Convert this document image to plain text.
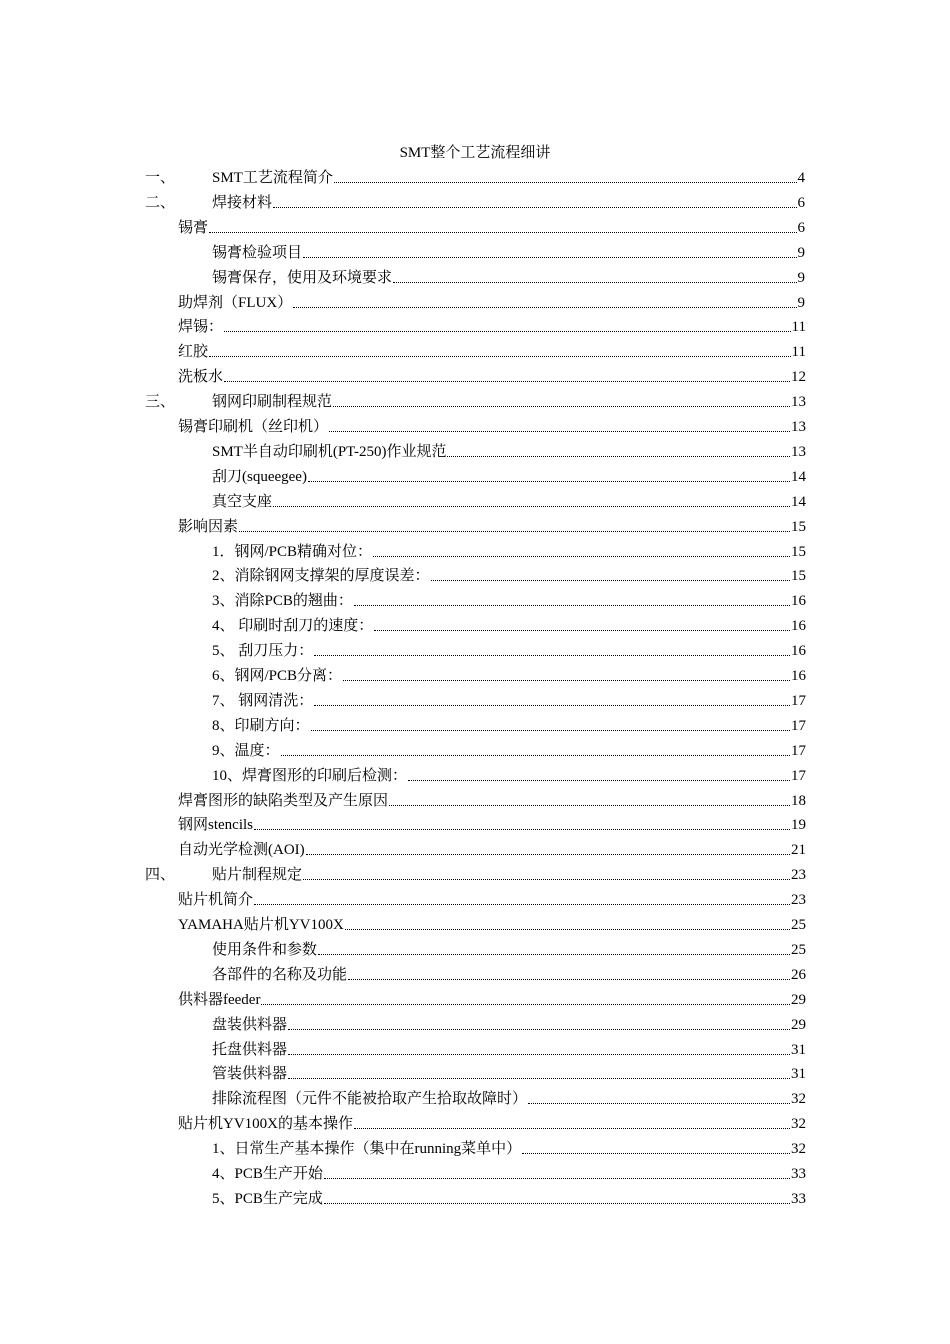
SMT整个工艺流程细讲
一、	SMT工艺流程简介	4
二、	焊接材料	6
锡膏	6
锡膏检验项目	9
锡膏保存，使用及环境要求	9
助焊剂（FLUX）	9
焊锡：	11
红胶	11
洗板水	12
三、	钢网印刷制程规范	13
锡膏印刷机（丝印机）	13
SMT半自动印刷机(PT-250)作业规范	13
刮刀(squeegee)	14
真空支座	14
影响因素	15
1．钢网/PCB精确对位：	15
2、消除钢网支撑架的厚度误差：	15
3、消除PCB的翘曲：	16
4、 印刷时刮刀的速度：	16
5、 刮刀压力：	16
6、钢网/PCB分离：	16
7、 钢网清洗：	17
8、印刷方向：	17
9、温度：	17
10、焊膏图形的印刷后检测：	17
焊膏图形的缺陷类型及产生原因	18
钢网stencils	19
自动光学检测(AOI)	21
四、	贴片制程规定	23
贴片机简介	23
YAMAHA贴片机YV100X	25
使用条件和参数	25
各部件的名称及功能	26
供料器feeder	29
盘装供料器	29
托盘供料器	31
管装供料器	31
排除流程图（元件不能被拾取产生拾取故障时）	32
贴片机YV100X的基本操作	32
1、日常生产基本操作（集中在running菜单中）	32
4、PCB生产开始	33
5、PCB生产完成	33
